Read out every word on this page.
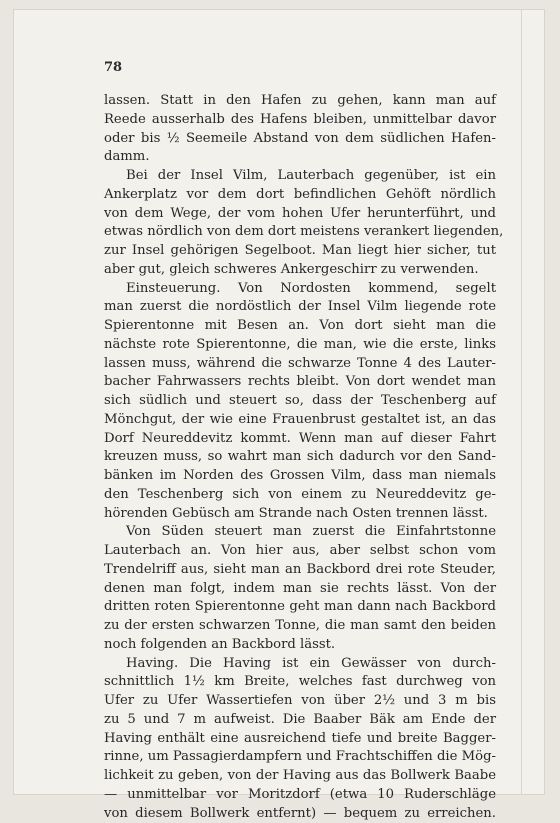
78
lassen. Statt in den Hafen zu gehen, kann man auf
Reede ausserhalb des Hafens bleiben, unmittelbar davor
oder bis ½ Seemeile Abstand von dem südlichen Hafen-
damm.
Bei der Insel Vilm, Lauterbach gegenüber, ist ein
Ankerplatz vor dem dort befindlichen Gehöft nördlich
von dem Wege, der vom hohen Ufer herunterführt, und
etwas nördlich von dem dort meistens verankert liegenden,
zur Insel gehörigen Segelboot. Man liegt hier sicher, tut
aber gut, gleich schweres Ankergeschirr zu verwenden.
Einsteuerung. Von Nordosten kommend, segelt
man zuerst die nordöstlich der Insel Vilm liegende rote
Spierentonne mit Besen an. Von dort sieht man die
nächste rote Spierentonne, die man, wie die erste, links
lassen muss, während die schwarze Tonne 4 des Lauter-
bacher Fahrwassers rechts bleibt. Von dort wendet man
sich südlich und steuert so, dass der Teschenberg auf
Mönchgut, der wie eine Frauenbrust gestaltet ist, an das
Dorf Neureddevitz kommt. Wenn man auf dieser Fahrt
kreuzen muss, so wahrt man sich dadurch vor den Sand-
bänken im Norden des Grossen Vilm, dass man niemals
den Teschenberg sich von einem zu Neureddevitz ge-
hörenden Gebüsch am Strande nach Osten trennen lässt.
Von Süden steuert man zuerst die Einfahrtstonne
Lauterbach an. Von hier aus, aber selbst schon vom
Trendelriff aus, sieht man an Backbord drei rote Steuder,
denen man folgt, indem man sie rechts lässt. Von der
dritten roten Spierentonne geht man dann nach Backbord
zu der ersten schwarzen Tonne, die man samt den beiden
noch folgenden an Backbord lässt.
Having. Die Having ist ein Gewässer von durch-
schnittlich 1½ km Breite, welches fast durchweg von
Ufer zu Ufer Wassertiefen von über 2½ und 3 m bis
zu 5 und 7 m aufweist. Die Baaber Bäk am Ende der
Having enthält eine ausreichend tiefe und breite Bagger-
rinne, um Passagierdampfern und Frachtschiffen die Mög-
lichkeit zu geben, von der Having aus das Bollwerk Baabe
— unmittelbar vor Moritzdorf (etwa 10 Ruderschläge
von diesem Bollwerk entfernt) — bequem zu erreichen.
